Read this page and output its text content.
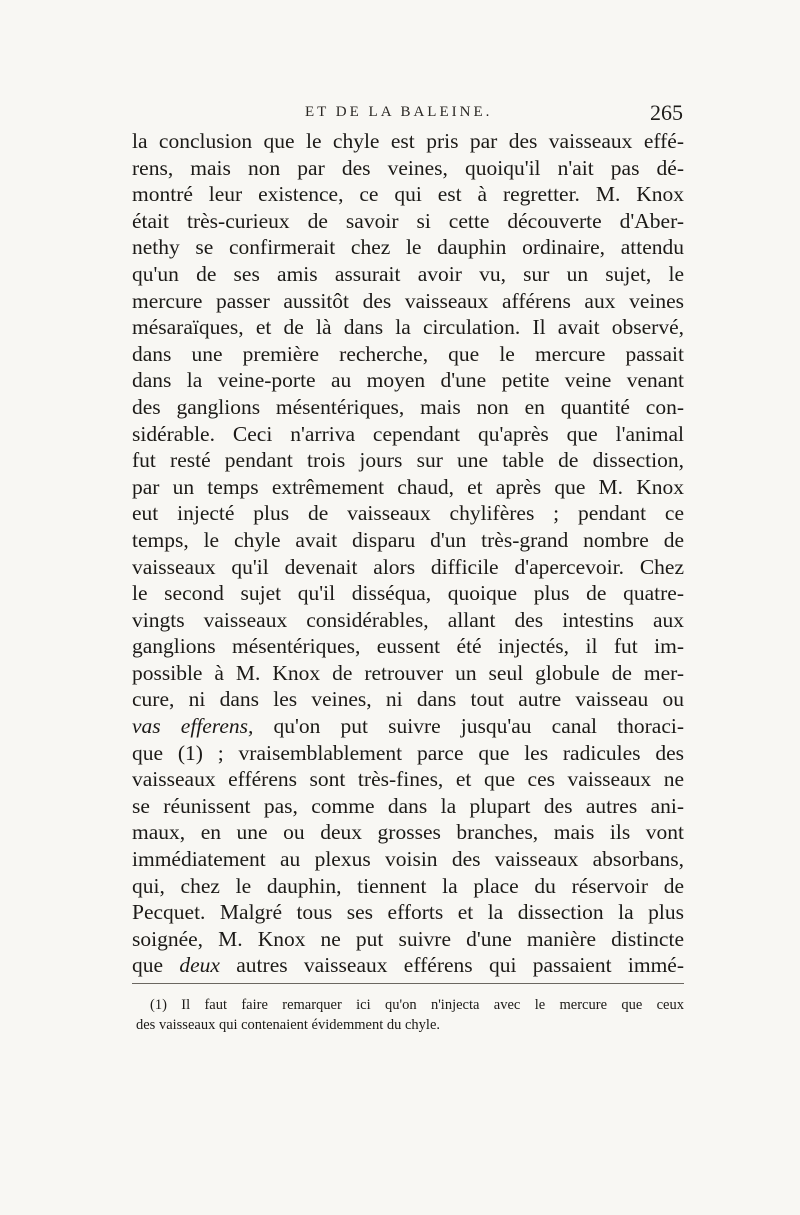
ET DE LA BALEINE.	265
la conclusion que le chyle est pris par des vaisseaux effé-
rens, mais non par des veines, quoiqu'il n'ait pas dé-
montré leur existence, ce qui est à regretter. M. Knox
était très-curieux de savoir si cette découverte d'Aber-
nethy se confirmerait chez le dauphin ordinaire, attendu
qu'un de ses amis assurait avoir vu, sur un sujet, le
mercure passer aussitôt des vaisseaux afférens aux veines
mésaraïques, et de là dans la circulation. Il avait observé,
dans une première recherche, que le mercure passait
dans la veine-porte au moyen d'une petite veine venant
des ganglions mésentériques, mais non en quantité con-
sidérable. Ceci n'arriva cependant qu'après que l'animal
fut resté pendant trois jours sur une table de dissection,
par un temps extrêmement chaud, et après que M. Knox
eut injecté plus de vaisseaux chylifères ; pendant ce
temps, le chyle avait disparu d'un très-grand nombre de
vaisseaux qu'il devenait alors difficile d'apercevoir. Chez
le second sujet qu'il disséqua, quoique plus de quatre-
vingts vaisseaux considérables, allant des intestins aux
ganglions mésentériques, eussent été injectés, il fut im-
possible à M. Knox de retrouver un seul globule de mer-
cure, ni dans les veines, ni dans tout autre vaisseau ou
vas efferens, qu'on put suivre jusqu'au canal thoraci-
que (1) ; vraisemblablement parce que les radicules des
vaisseaux efférens sont très-fines, et que ces vaisseaux ne
se réunissent pas, comme dans la plupart des autres ani-
maux, en une ou deux grosses branches, mais ils vont
immédiatement au plexus voisin des vaisseaux absorbans,
qui, chez le dauphin, tiennent la place du réservoir de
Pecquet. Malgré tous ses efforts et la dissection la plus
soignée, M. Knox ne put suivre d'une manière distincte
que deux autres vaisseaux efférens qui passaient immé-
(1) Il faut faire remarquer ici qu'on n'injecta avec le mercure que ceux
des vaisseaux qui contenaient évidemment du chyle.
